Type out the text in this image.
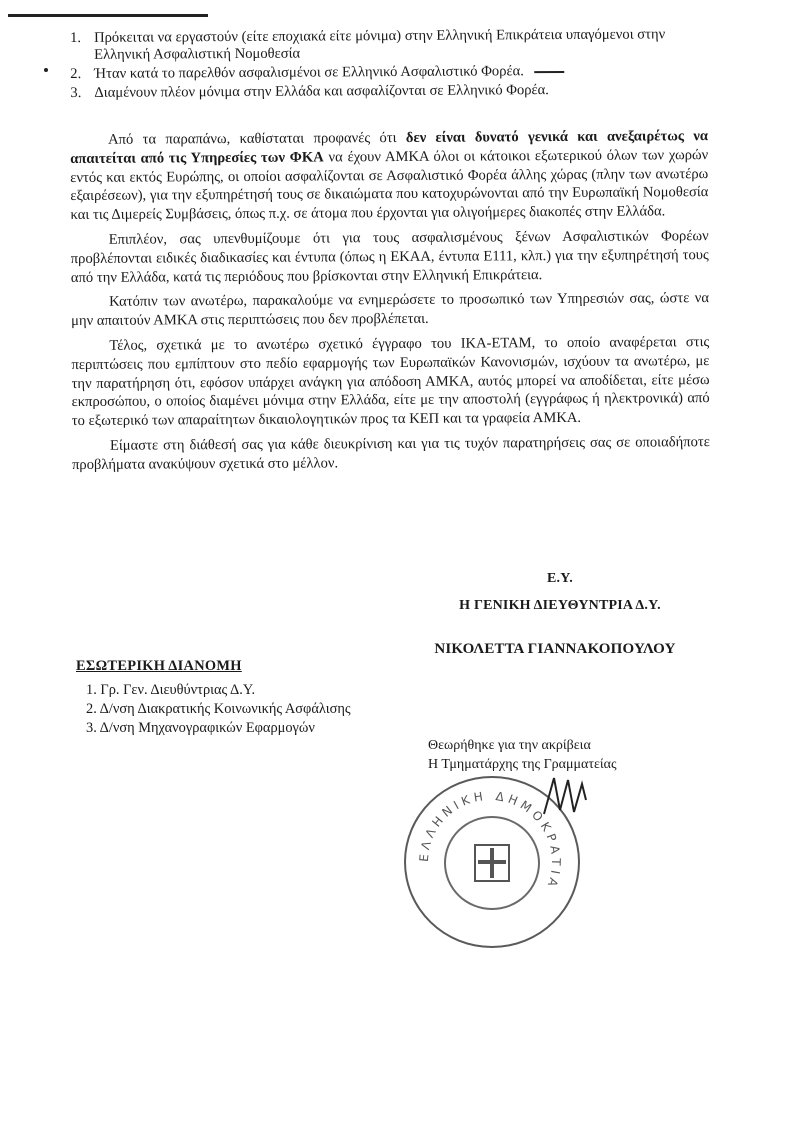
1. Πρόκειται να εργαστούν (είτε εποχιακά είτε μόνιμα) στην Ελληνική Επικράτεια υπαγόμενοι στην Ελληνική Ασφαλιστική Νομοθεσία
2. Ήταν κατά το παρελθόν ασφαλισμένοι σε Ελληνικό Ασφαλιστικό Φορέα.
3. Διαμένουν πλέον μόνιμα στην Ελλάδα και ασφαλίζονται σε Ελληνικό Φορέα.

Από τα παραπάνω, καθίσταται προφανές ότι δεν είναι δυνατό γενικά και ανεξαιρέτως να απαιτείται από τις Υπηρεσίες των ΦΚΑ να έχουν ΑΜΚΑ όλοι οι κάτοικοι εξωτερικού όλων των χωρών εντός και εκτός Ευρώπης, οι οποίοι ασφαλίζονται σε Ασφαλιστικό Φορέα άλλης χώρας (πλην των ανωτέρω εξαιρέσεων), για την εξυπηρέτησή τους σε δικαιώματα που κατοχυρώνονται από την Ευρωπαϊκή Νομοθεσία και τις Διμερείς Συμβάσεις, όπως π.χ. σε άτομα που έρχονται για ολιγοήμερες διακοπές στην Ελλάδα.

Επιπλέον, σας υπενθυμίζουμε ότι για τους ασφαλισμένους ξένων Ασφαλιστικών Φορέων προβλέπονται ειδικές διαδικασίες και έντυπα (όπως η ΕΚΑΑ, έντυπα Ε111, κλπ.) για την εξυπηρέτησή τους από την Ελλάδα, κατά τις περιόδους που βρίσκονται στην Ελληνική Επικράτεια.

Κατόπιν των ανωτέρω, παρακαλούμε να ενημερώσετε το προσωπικό των Υπηρεσιών σας, ώστε να μην απαιτούν ΑΜΚΑ στις περιπτώσεις που δεν προβλέπεται.

Τέλος, σχετικά με το ανωτέρω σχετικό έγγραφο του ΙΚΑ-ΕΤΑΜ, το οποίο αναφέρεται στις περιπτώσεις που εμπίπτουν στο πεδίο εφαρμογής των Ευρωπαϊκών Κανονισμών, ισχύουν τα ανωτέρω, με την παρατήρηση ότι, εφόσον υπάρχει ανάγκη για απόδοση ΑΜΚΑ, αυτός μπορεί να αποδίδεται, είτε μέσω εκπροσώπου, ο οποίος διαμένει μόνιμα στην Ελλάδα, είτε με την αποστολή (εγγράφως ή ηλεκτρονικά) από το εξωτερικό των απαραίτητων δικαιολογητικών προς τα ΚΕΠ και τα γραφεία ΑΜΚΑ.

Είμαστε στη διάθεσή σας για κάθε διευκρίνιση και για τις τυχόν παρατηρήσεις σας σε οποιαδήποτε προβλήματα ανακύψουν σχετικά στο μέλλον.

Ε.Υ.
Η ΓΕΝΙΚΗ ΔΙΕΥΘΥΝΤΡΙΑ Δ.Υ.
ΝΙΚΟΛΕΤΤΑ ΓΙΑΝΝΑΚΟΠΟΥΛΟΥ
ΕΣΩΤΕΡΙΚΗ ΔΙΑΝΟΜΗ
1. Γρ. Γεν. Διευθύντριας Δ.Υ.
2. Δ/νση Διακρατικής Κοινωνικής Ασφάλισης
3. Δ/νση Μηχανογραφικών Εφαρμογών
Θεωρήθηκε για την ακρίβεια
Η Τμηματάρχης της Γραμματείας
ΕΛΛΗΝΙΚΗ ΔΗΜΟΚΡΑΤΙΑ
